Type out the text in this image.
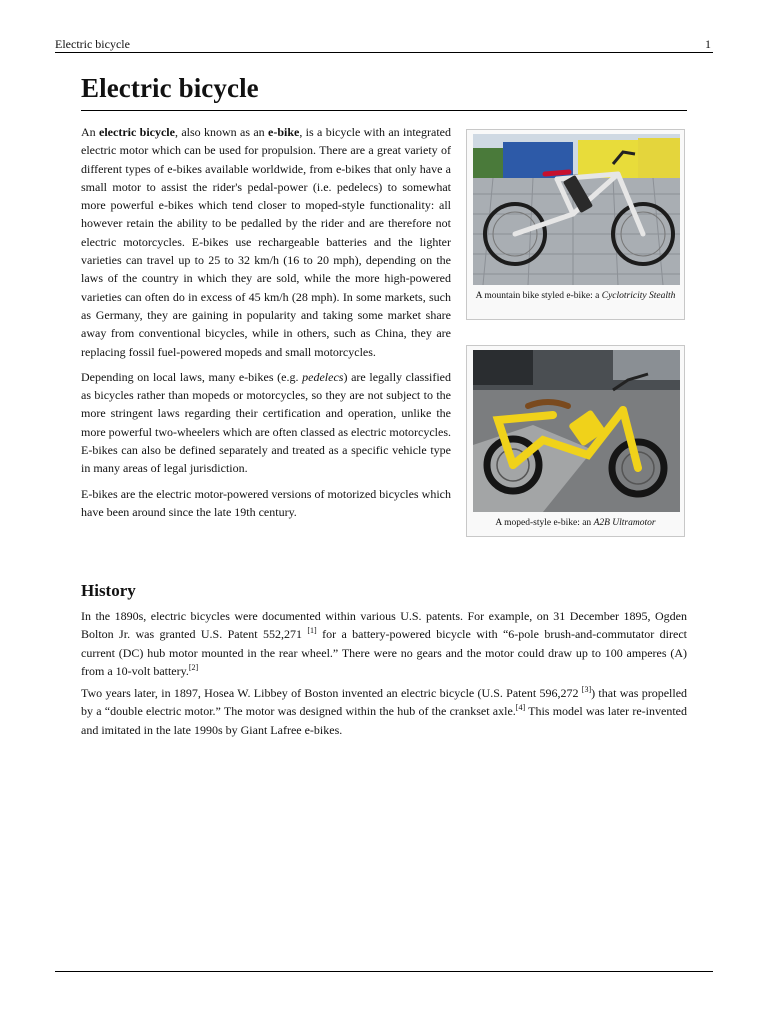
Electric bicycle	1
Electric bicycle

An electric bicycle, also known as an e-bike, is a bicycle with an integrated electric motor which can be used for propulsion. There are a great variety of different types of e-bikes available worldwide, from e-bikes that only have a small motor to assist the rider's pedal-power (i.e. pedelecs) to somewhat more powerful e-bikes which tend closer to moped-style functionality: all however retain the ability to be pedalled by the rider and are therefore not electric motorcycles. E-bikes use rechargeable batteries and the lighter varieties can travel up to 25 to 32 km/h (16 to 20 mph), depending on the laws of the country in which they are sold, while the more high-powered varieties can often do in excess of 45 km/h (28 mph). In some markets, such as Germany, they are gaining in popularity and taking some market share away from conventional bicycles, while in others, such as China, they are replacing fossil fuel-powered mopeds and small motorcycles.

Depending on local laws, many e-bikes (e.g. pedelecs) are legally classified as bicycles rather than mopeds or motorcycles, so they are not subject to the more stringent laws regarding their certification and operation, unlike the more powerful two-wheelers which are often classed as electric motorcycles. E-bikes can also be defined separately and treated as a specific vehicle type in many areas of legal jurisdiction.

E-bikes are the electric motor-powered versions of motorized bicycles which have been around since the late 19th century.

A mountain bike styled e-bike: a Cyclotricity Stealth
A moped-style e-bike: an A2B Ultramotor
History

In the 1890s, electric bicycles were documented within various U.S. patents. For example, on 31 December 1895, Ogden Bolton Jr. was granted U.S. Patent 552,271 [1] for a battery-powered bicycle with “6-pole brush-and-commutator direct current (DC) hub motor mounted in the rear wheel.” There were no gears and the motor could draw up to 100 amperes (A) from a 10-volt battery.[2]

Two years later, in 1897, Hosea W. Libbey of Boston invented an electric bicycle (U.S. Patent 596,272 [3]) that was propelled by a “double electric motor.” The motor was designed within the hub of the crankset axle.[4] This model was later re-invented and imitated in the late 1990s by Giant Lafree e-bikes.
